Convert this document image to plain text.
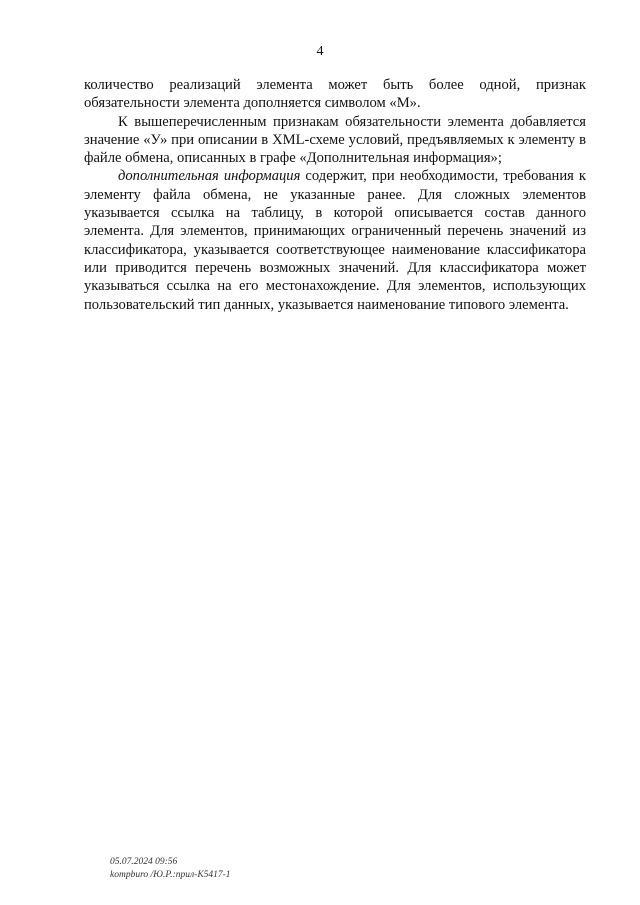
4

количество реализаций элемента может быть более одной, признак обязательности элемента дополняется символом «М».

К вышеперечисленным признакам обязательности элемента добавляется значение «У» при описании в XML-схеме условий, предъявляемых к элементу в файле обмена, описанных в графе «Дополнительная информация»;

дополнительная информация содержит, при необходимости, требования к элементу файла обмена, не указанные ранее. Для сложных элементов указывается ссылка на таблицу, в которой описывается состав данного элемента. Для элементов, принимающих ограниченный перечень значений из классификатора, указывается соответствующее наименование классификатора или приводится перечень возможных значений. Для классификатора может указываться ссылка на его местонахождение. Для элементов, использующих пользовательский тип данных, указывается наименование типового элемента.

05.07.2024 09:56
kompburo /Ю.Р.:прил-К5417-1
